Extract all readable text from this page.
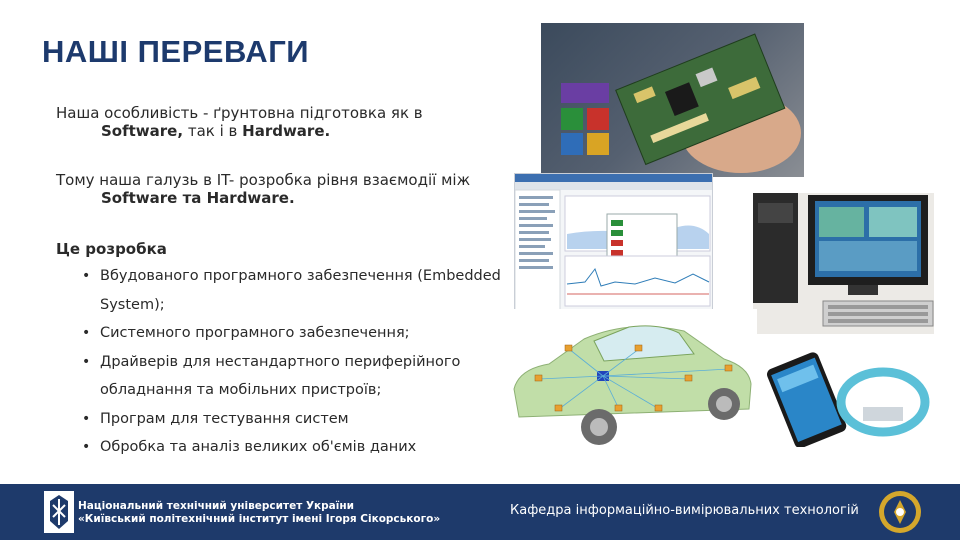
НАШІ ПЕРЕВАГИ
Наша особливість - ґрунтовна підготовка як в
Software, так і в Hardware.
Тому наша галузь в IT- розробка рівня взаємодії між
Software та Hardware.
Це розробка
• Вбудованого програмного забезпечення (Embedded System);
• Системного програмного забезпечення;
• Драйверів для нестандартного периферійного обладнання та мобільних пристроїв;
• Програм для тестування систем
• Обробка та аналіз великих об'ємів даних
Національний технічний університет України
«Київський політехнічний інститут імені Ігоря Сікорського»
Кафедра інформаційно-вимірювальних технологій
